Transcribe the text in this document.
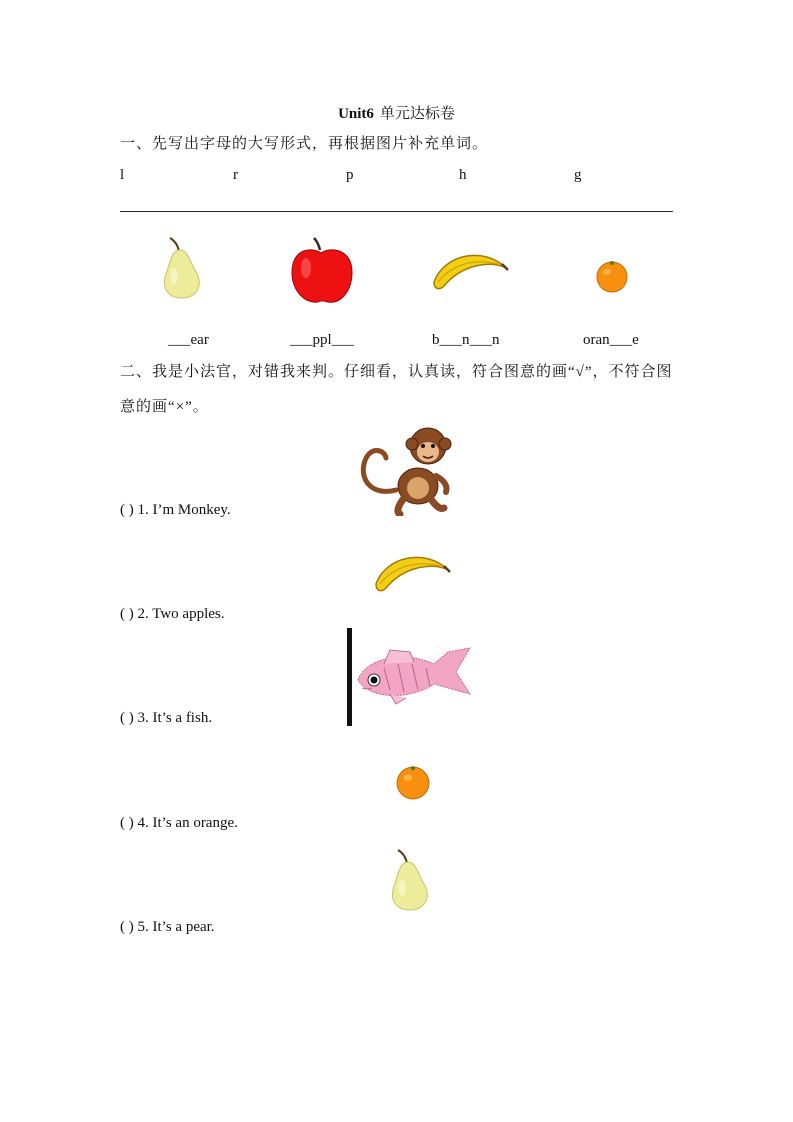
Unit6 单元达标卷
一、先写出字母的大写形式，再根据图片补充单词。
l	r	p	h	g
___ear	___ppl___	b___n___n	oran___e
二、我是小法官，对错我来判。仔细看，认真读，符合图意的画“√”，不符合图
意的画“×”。
( ) 1. I’m Monkey.
( ) 2. Two apples.
( ) 3. It’s a fish.
( ) 4. It’s an orange.
( ) 5. It’s a pear.
